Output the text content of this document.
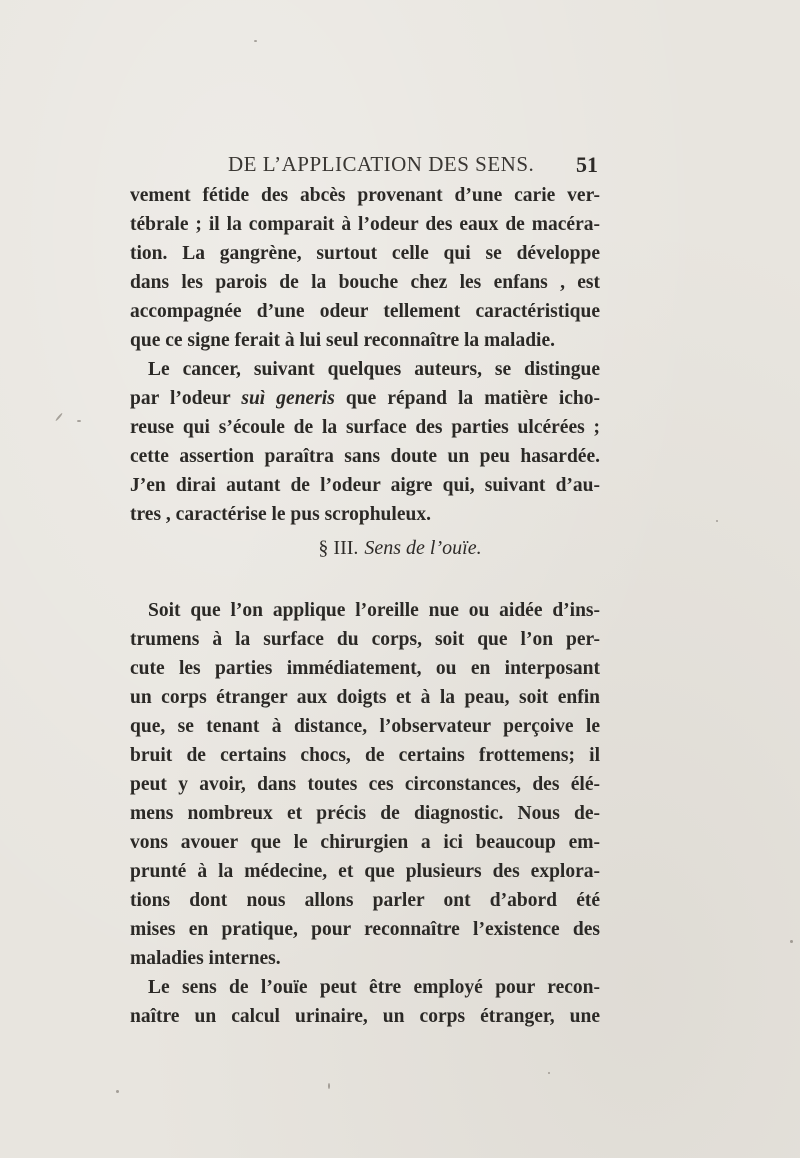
DE L’APPLICATION DES SENS. 51
vement fétide des abcès provenant d’une carie ver-
tébrale ; il la comparait à l’odeur des eaux de macéra-
tion. La gangrène, surtout celle qui se développe
dans les parois de la bouche chez les enfans , est
accompagnée d’une odeur tellement caractéristique
que ce signe ferait à lui seul reconnaître la maladie.
Le cancer, suivant quelques auteurs, se distingue
par l’odeur suì generis que répand la matière icho-
reuse qui s’écoule de la surface des parties ulcérées ;
cette assertion paraîtra sans doute un peu hasardée.
J’en dirai autant de l’odeur aigre qui, suivant d’au-
tres , caractérise le pus scrophuleux.
§ III. Sens de l’ouïe.
Soit que l’on applique l’oreille nue ou aidée d’ins-
trumens à la surface du corps, soit que l’on per-
cute les parties immédiatement, ou en interposant
un corps étranger aux doigts et à la peau, soit enfin
que, se tenant à distance, l’observateur perçoive le
bruit de certains chocs, de certains frottemens; il
peut y avoir, dans toutes ces circonstances, des élé-
mens nombreux et précis de diagnostic. Nous de-
vons avouer que le chirurgien a ici beaucoup em-
prunté à la médecine, et que plusieurs des explora-
tions dont nous allons parler ont d’abord été
mises en pratique, pour reconnaître l’existence des
maladies internes.
Le sens de l’ouïe peut être employé pour recon-
naître un calcul urinaire, un corps étranger, une
